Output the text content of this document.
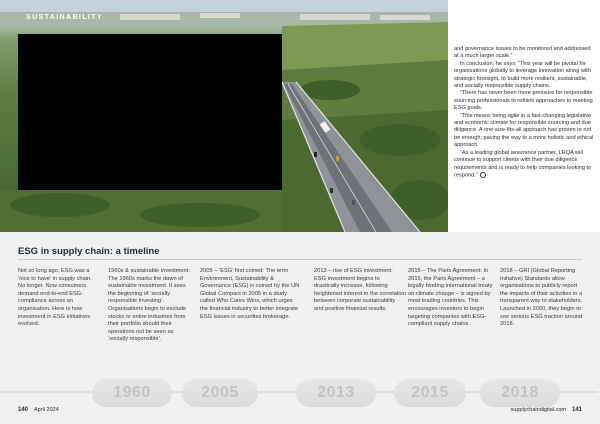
SUSTAINABILITY

and governance issues to be monitored and addressed at a much larger scale.”

In conclusion, he says: “This year will be pivotal for organisations globally to leverage innovation along with strategic foresight, to build more resilient, sustainable, and socially responsible supply chains.

“There has never been more pressure for responsible sourcing professionals to rethink approaches to meeting ESG goals.

“This means being agile in a fast-changing legislative and economic climate for responsible sourcing and due diligence. A one-size-fits-all approach has proven to not be enough; paving the way to a more holistic and ethical approach.

“As a leading global assurance partner, LRQA will continue to support clients with their due diligence requirements and is ready to help companies looking to respond.”

ESG in supply chain: a timeline
Not so long ago, ESG was a ‘nice to have’ in supply chain. No longer. Now consumers demand end-to-end ESG-compliance across an organisation. Here is how investment in ESG initiatives evolved.
1960s & sustainable investment: The 1960s marks the dawn of sustainable investment. It sees the beginning of ‘socially responsible investing’. Organisations begin to exclude stocks or entire industries from their portfolio should their operations not be seen as ‘socially responsible’.
2005 – ‘ESG’ first coined: The term Environment, Sustainability & Governance (ESG) is coined by the UN Global Compact in 2005 in a study called Who Cares Wins, which urges the financial industry to better integrate ESG issues in securities brokerage.
2013 – rise of ESG investment: ESG investment begins to drastically increase, following heightened interest in the correlation between corporate sustainability and positive financial results.
2015 – The Paris Agreement: In 2015, the Paris Agreement – a legally binding international treaty on climate change – is signed by most leading countries. This encourages investors to begin targeting companies with ESG-compliant supply chains.
2018 – GRI (Global Reporting Initiative) Standards allow organisations to publicly report the impacts of their activities in a transparent way to stakeholders. Launched in 2000, they begin to see serious ESG traction around 2018.
1960	2005	2013	2015	2018
140 April 2024	supplychaindigital.com 141
